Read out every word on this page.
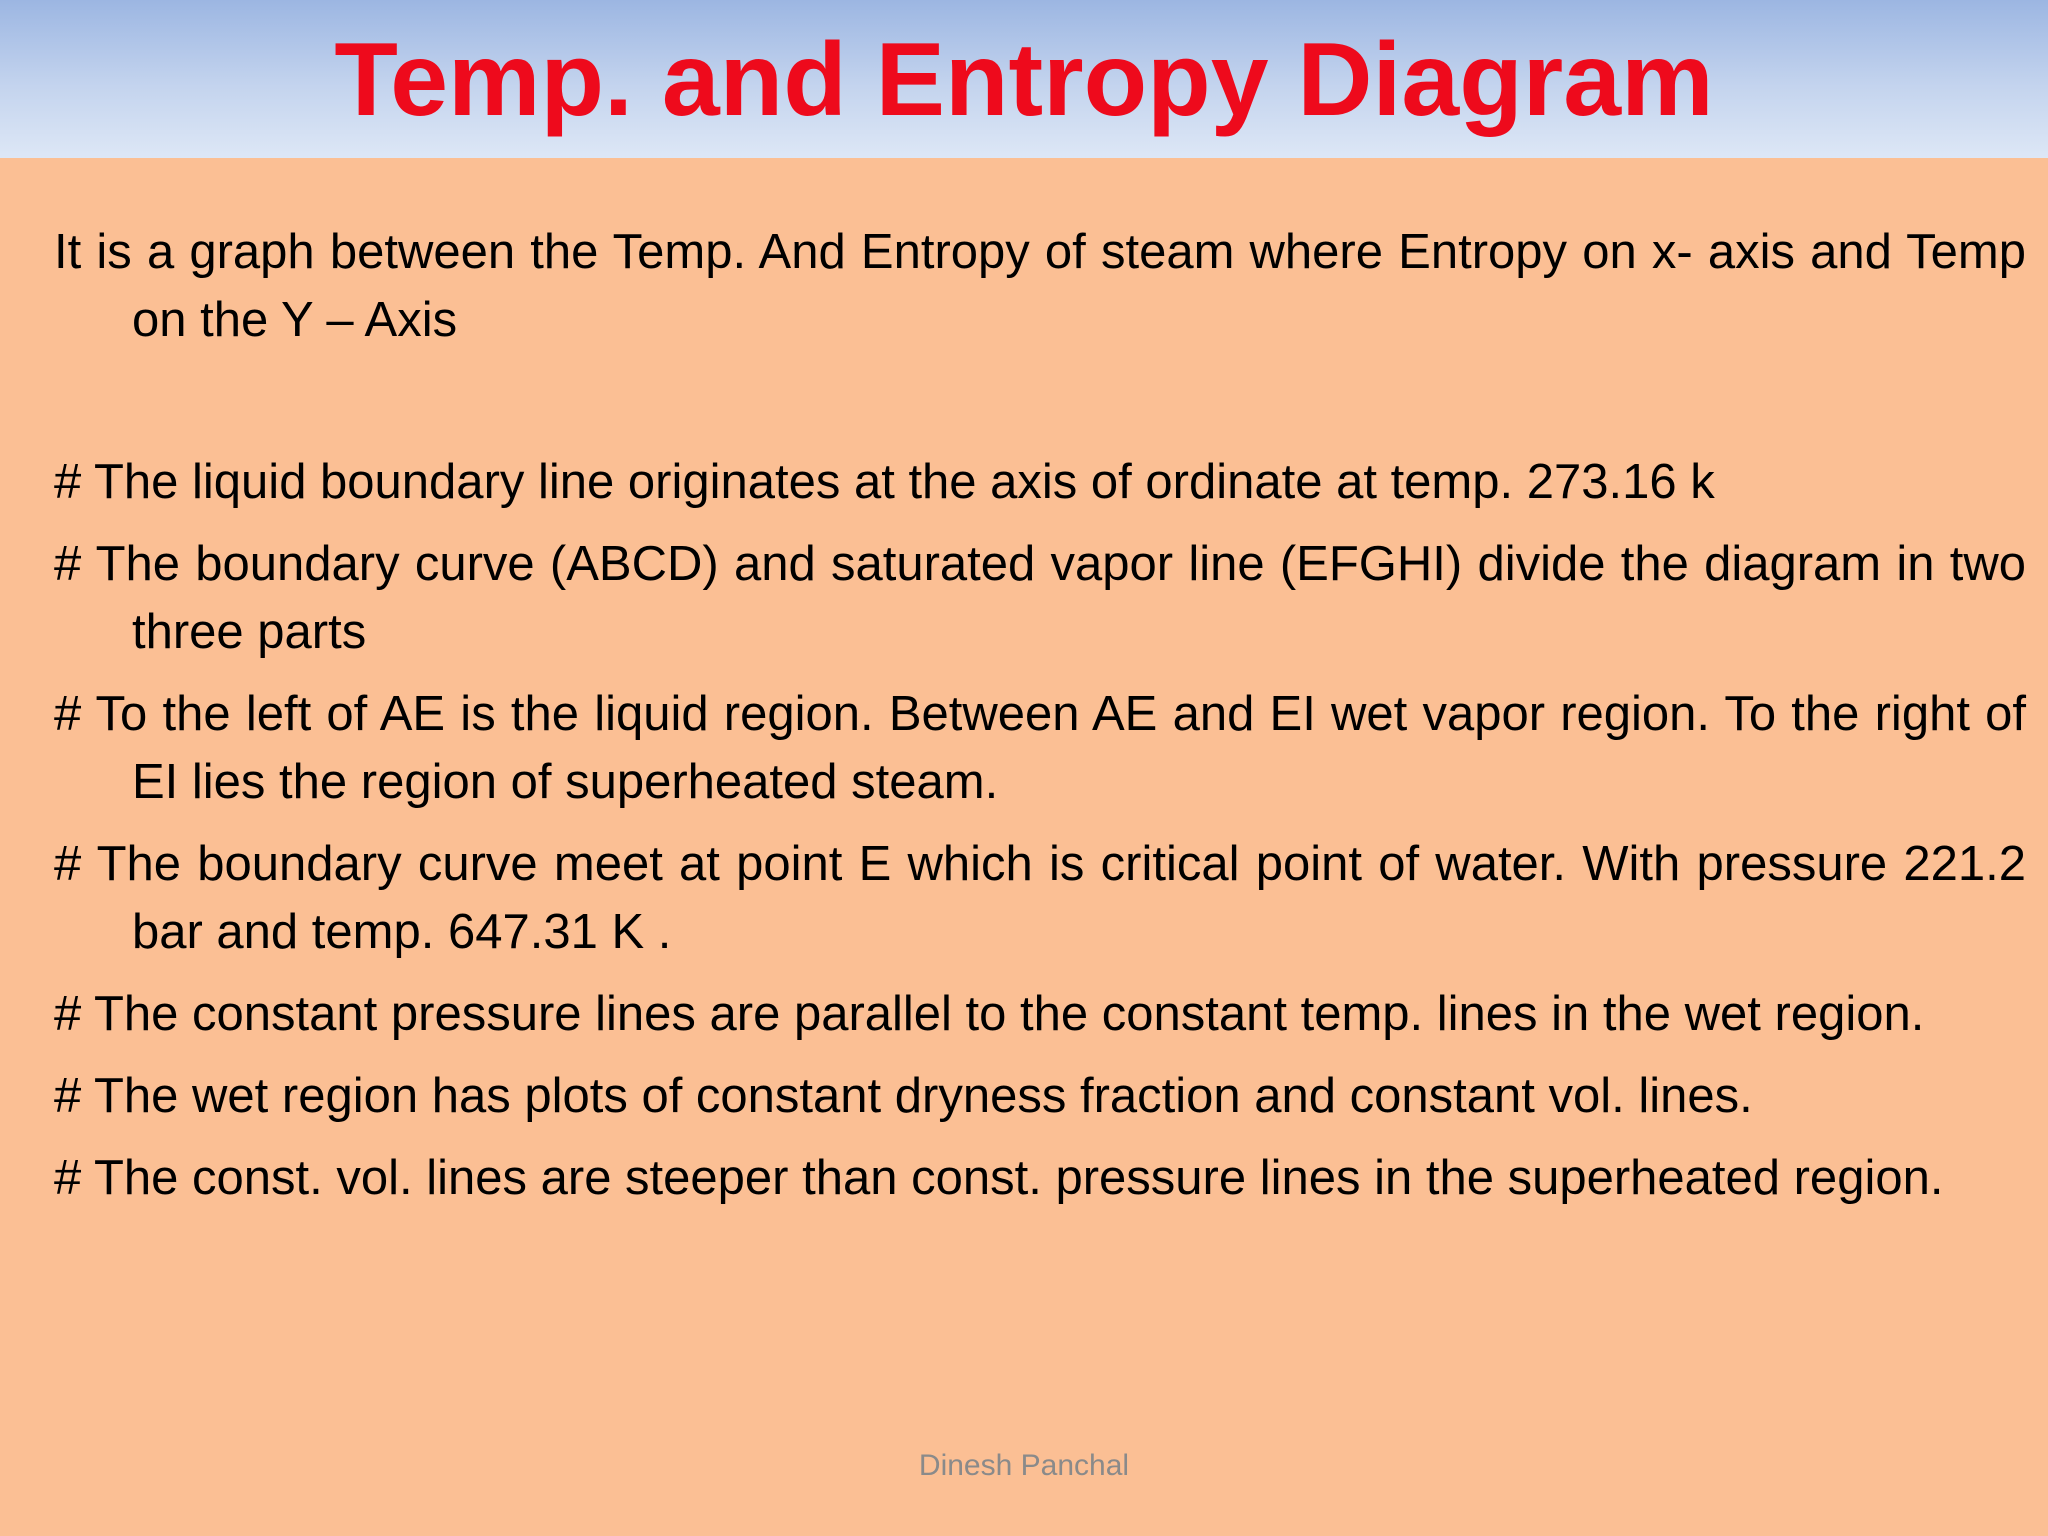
Temp. and Entropy Diagram

It is a graph between the Temp. And Entropy of steam where Entropy on x- axis and Temp on the Y – Axis

# The liquid boundary line originates at the axis of ordinate at temp. 273.16 k

# The boundary curve (ABCD) and saturated vapor line (EFGHI) divide the diagram in two three parts

# To the left of AE is the liquid region. Between AE and EI wet vapor region. To the right of EI lies the region of superheated steam.

# The boundary curve meet at point E which is critical point of water. With pressure 221.2 bar and temp. 647.31 K .

# The constant pressure lines are parallel to the constant temp. lines in the wet region.

# The wet region has plots of constant dryness fraction and constant vol. lines.

# The const. vol. lines are steeper than const. pressure lines in the superheated region.

Dinesh Panchal
